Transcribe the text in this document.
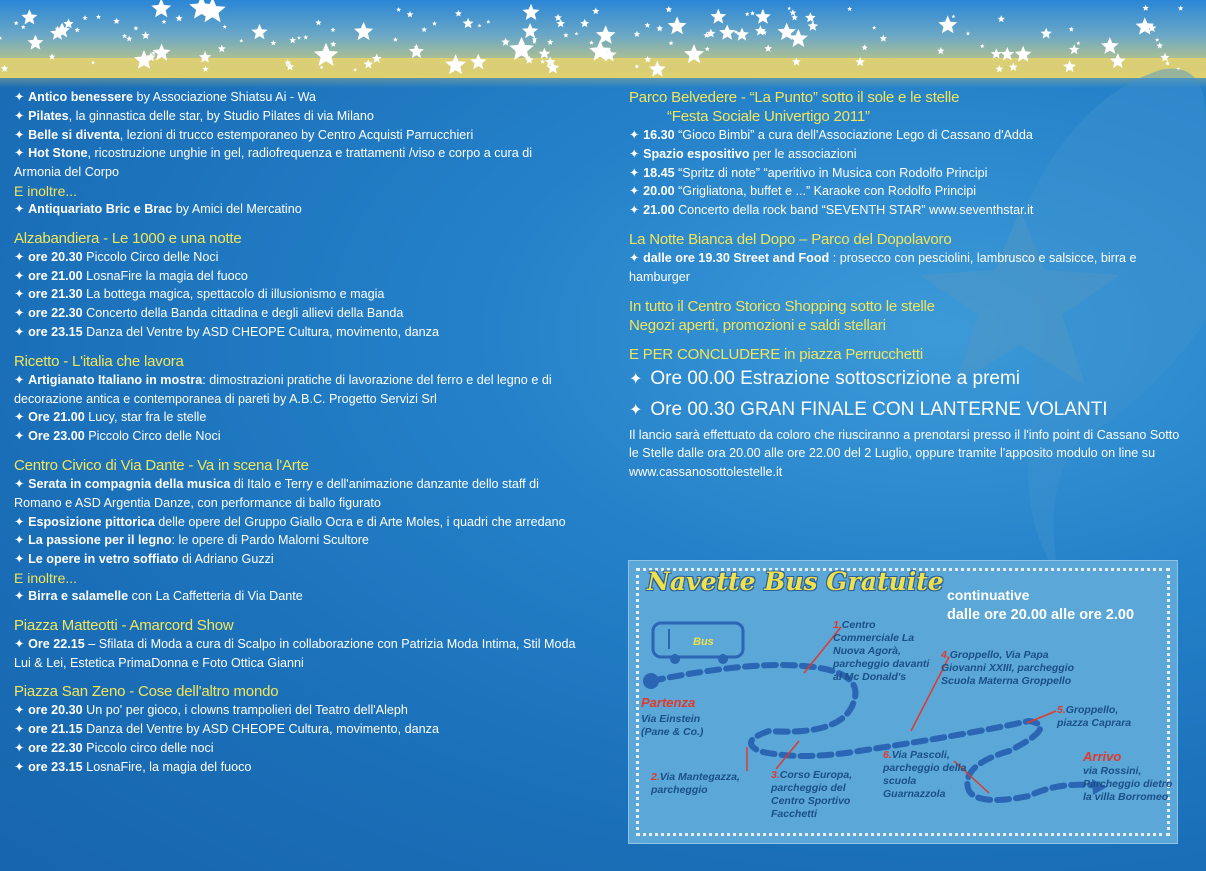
✦ Antico benessere by Associazione Shiatsu Ai - Wa
✦ Pilates, la ginnastica delle star, by Studio Pilates di via Milano
✦ Belle si diventa, lezioni di trucco estemporaneo by Centro Acquisti Parrucchieri
✦ Hot Stone, ricostruzione unghie in gel, radiofrequenza e trattamenti /viso e corpo a cura di Armonia del Corpo
E inoltre...
✦ Antiquariato Bric e Brac by Amici del Mercatino
Alzabandiera - Le 1000 e una notte
✦ ore 20.30 Piccolo Circo delle Noci
✦ ore 21.00 LosnaFire la magia del fuoco
✦ ore 21.30 La bottega magica, spettacolo di illusionismo e magia
✦ ore 22.30 Concerto della Banda cittadina e degli allievi della Banda
✦ ore 23.15 Danza del Ventre by ASD CHEOPE Cultura, movimento, danza
Ricetto - L'italia che lavora
✦ Artigianato Italiano in mostra: dimostrazioni pratiche di lavorazione del ferro e del legno e di decorazione antica e contemporanea di pareti by A.B.C. Progetto Servizi Srl
✦ Ore 21.00 Lucy, star fra le stelle
✦ Ore 23.00 Piccolo Circo delle Noci
Centro Civico di Via Dante - Va in scena l'Arte
✦ Serata in compagnia della musica di Italo e Terry e dell'animazione danzante dello staff di Romano e ASD Argentia Danze, con performance di ballo figurato
✦ Esposizione pittorica delle opere del Gruppo Giallo Ocra e di Arte Moles, i quadri che arredano
✦ La passione per il legno: le opere di Pardo Malorni Scultore
✦ Le opere in vetro soffiato di Adriano Guzzi
E inoltre...
✦ Birra e salamelle con La Caffetteria di Via Dante
Piazza Matteotti - Amarcord Show
✦ Ore 22.15 – Sfilata di Moda a cura di Scalpo in collaborazione con Patrizia Moda Intima, Stil Moda Lui & Lei, Estetica PrimaDonna e Foto Ottica Gianni
Piazza San Zeno - Cose dell'altro mondo
✦ ore 20.30 Un po' per gioco, i clowns trampolieri del Teatro dell'Aleph
✦ ore 21.15 Danza del Ventre by ASD CHEOPE Cultura, movimento, danza
✦ ore 22.30 Piccolo circo delle noci
✦ ore 23.15 LosnaFire, la magia del fuoco
Parco Belvedere - “La Punto” sotto il sole e le stelle
“Festa Sociale Univertigo 2011”
✦ 16.30 “Gioco Bimbi” a cura dell'Associazione Lego di Cassano d'Adda
✦ Spazio espositivo per le associazioni
✦ 18.45 “Spritz di note” “aperitivo in Musica con Rodolfo Principi
✦ 20.00 “Grigliatona, buffet e ...” Karaoke con Rodolfo Principi
✦ 21.00 Concerto della rock band “SEVENTH STAR” www.seventhstar.it
La Notte Bianca del Dopo – Parco del Dopolavoro
✦ dalle ore 19.30 Street and Food : prosecco con pesciolini, lambrusco e salsicce, birra e hamburger
In tutto il Centro Storico Shopping sotto le stelle
Negozi aperti, promozioni e saldi stellari
E PER CONCLUDERE in piazza Perrucchetti
✦ Ore 00.00 Estrazione sottoscrizione a premi
✦ Ore 00.30 GRAN FINALE CON LANTERNE VOLANTI
Il lancio sarà effettuato da coloro che riusciranno a prenotarsi presso il l'info point di Cassano Sotto le Stelle dalle ora 20.00 alle ore 22.00 del 2 Luglio, oppure tramite l'apposito modulo on line su www.cassanosottolestelle.it
Navette Bus Gratuite continuative
dalle ore 20.00 alle ore 2.00
Bus
Partenza
Via Einstein (Pane & Co.)
Arrivo
via Rossini, Parcheggio dietro la villa Borromeo
1.Centro Commerciale La Nuova Agorà, parcheggio davanti al Mc Donald's
2.Via Mantegazza, parcheggio
3.Corso Europa, parcheggio del Centro Sportivo Facchetti
4.Groppello, Via Papa Giovanni XXIII, parcheggio Scuola Materna Groppello
5.Groppello, piazza Caprara
6.Via Pascoli, parcheggio della scuola Guarnazzola
